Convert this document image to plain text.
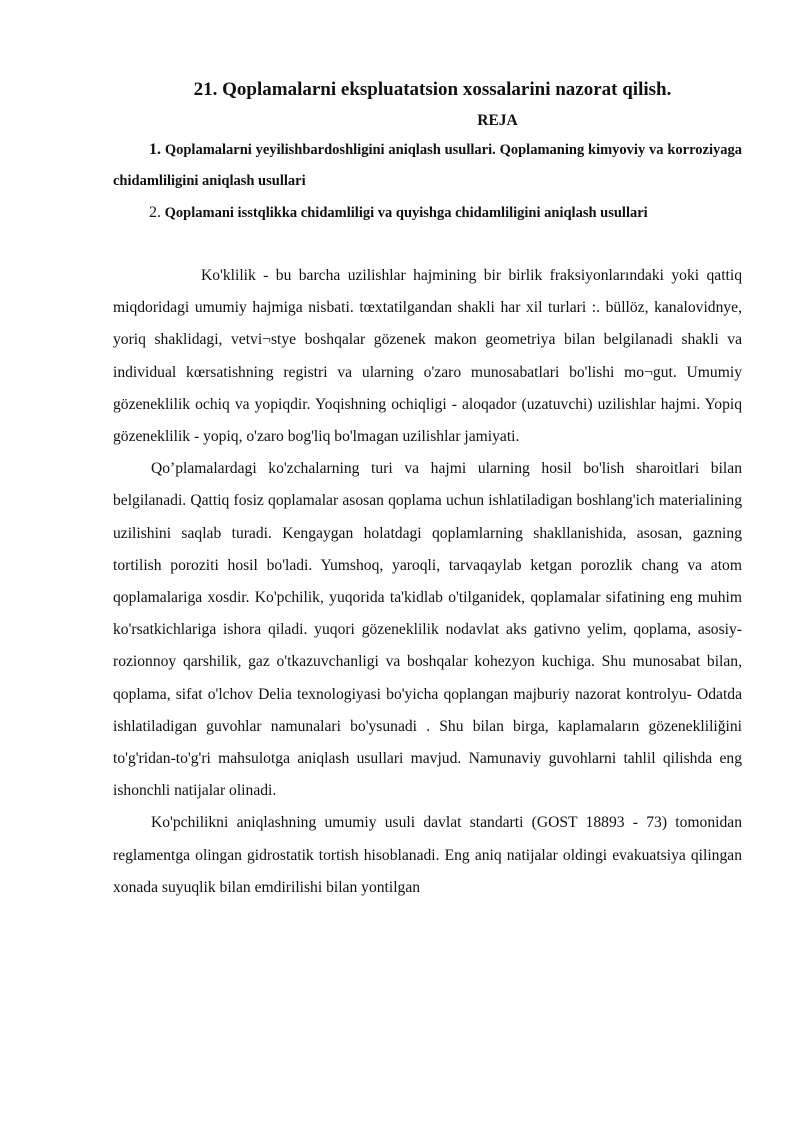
21. Qoplamalarni ekspluatatsion xossalarini nazorat qilish.
REJA

1. Qoplamalarni yeyilishbardoshligini aniqlash usullari. Qoplamaning kimyoviy va korroziyaga chidamliligini aniqlash usullari

2. Qoplamani isstqlikka chidamliligi va quyishga chidamliligini aniqlash usullari

Ko'klilik - bu barcha uzilishlar hajmining bir birlik fraksiyonlarındaki yoki qattiq miqdoridagi umumiy hajmiga nisbati. tœxtatilgandan shakli har xil turlari :. büllöz, kanalovidnye, yoriq shaklidagi, vetvi¬stye boshqalar gözenek makon geometriya bilan belgilanadi shakli va individual kœrsatishning registri va ularning o'zaro munosabatlari bo'lishi mo¬gut. Umumiy gözeneklilik ochiq va yopiqdir. Yoqishning ochiqligi - aloqador (uzatuvchi) uzilishlar hajmi. Yopiq gözeneklilik - yopiq, o'zaro bog'liq bo'lmagan uzilishlar jamiyati.

Qo’plamalardagi ko'zchalarning turi va hajmi ularning hosil bo'lish sharoitlari bilan belgilanadi. Qattiq fosiz qoplamalar asosan qoplama uchun ishlatiladigan boshlang'ich materialining uzilishini saqlab turadi. Kengaygan holatdagi qoplamlarning shakllanishida, asosan, gazning tortilish poroziti hosil bo'ladi. Yumshoq, yaroqli, tarvaqaylab ketgan porozlik chang va atom qoplamalariga xosdir. Ko'pchilik, yuqorida ta'kidlab o'tilganidek, qoplamalar sifatining eng muhim ko'rsatkichlariga ishora qiladi. yuqori gözeneklilik nodavlat aks gativno yelim, qoplama, asosiy-rozionnoy qarshilik, gaz o'tkazuvchanligi va boshqalar kohezyon kuchiga. Shu munosabat bilan, qoplama, sifat o'lchov Delia texnologiyasi bo'yicha qoplangan majburiy nazorat kontrolyu- Odatda ishlatiladigan guvohlar namunalari bo'ysunadi . Shu bilan birga, kaplamaların gözenekliliğini to'g'ridan-to'g'ri mahsulotga aniqlash usullari mavjud. Namunaviy guvohlarni tahlil qilishda eng ishonchli natijalar olinadi.

Ko'pchilikni aniqlashning umumiy usuli davlat standarti (GOST 18893 - 73) tomonidan reglamentga olingan gidrostatik tortish hisoblanadi. Eng aniq natijalar oldingi evakuatsiya qilingan xonada suyuqlik bilan emdirilishi bilan yontilgan
